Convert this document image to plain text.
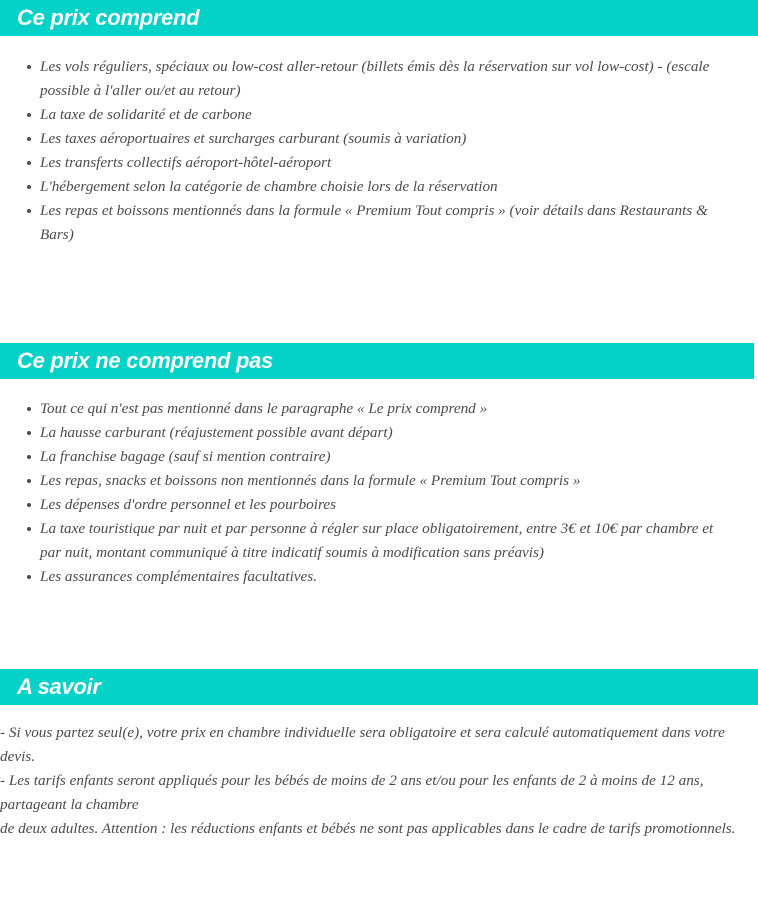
Ce prix comprend
Les vols réguliers, spéciaux ou low-cost aller-retour (billets émis dès la réservation sur vol low-cost) - (escale possible à l'aller ou/et au retour)
La taxe de solidarité et de carbone
Les taxes aéroportuaires et surcharges carburant (soumis à variation)
Les transferts collectifs aéroport-hôtel-aéroport
L'hébergement selon la catégorie de chambre choisie lors de la réservation
Les repas et boissons mentionnés dans la formule « Premium Tout compris » (voir détails dans Restaurants & Bars)
Ce prix ne comprend pas
Tout ce qui n'est pas mentionné dans le paragraphe « Le prix comprend »
La hausse carburant (réajustement possible avant départ)
La franchise bagage (sauf si mention contraire)
Les repas, snacks et boissons non mentionnés dans la formule « Premium Tout compris »
Les dépenses d'ordre personnel et les pourboires
La taxe touristique par nuit et par personne à régler sur place obligatoirement, entre 3€ et 10€ par chambre et par nuit, montant communiqué à titre indicatif soumis à modification sans préavis)
Les assurances complémentaires facultatives.
A savoir

- Si vous partez seul(e), votre prix en chambre individuelle sera obligatoire et sera calculé automatiquement dans votre devis.

- Les tarifs enfants seront appliqués pour les bébés de moins de 2 ans et/ou pour les enfants de 2 à moins de 12 ans, partageant la chambre

de deux adultes. Attention : les réductions enfants et bébés ne sont pas applicables dans le cadre de tarifs promotionnels.
